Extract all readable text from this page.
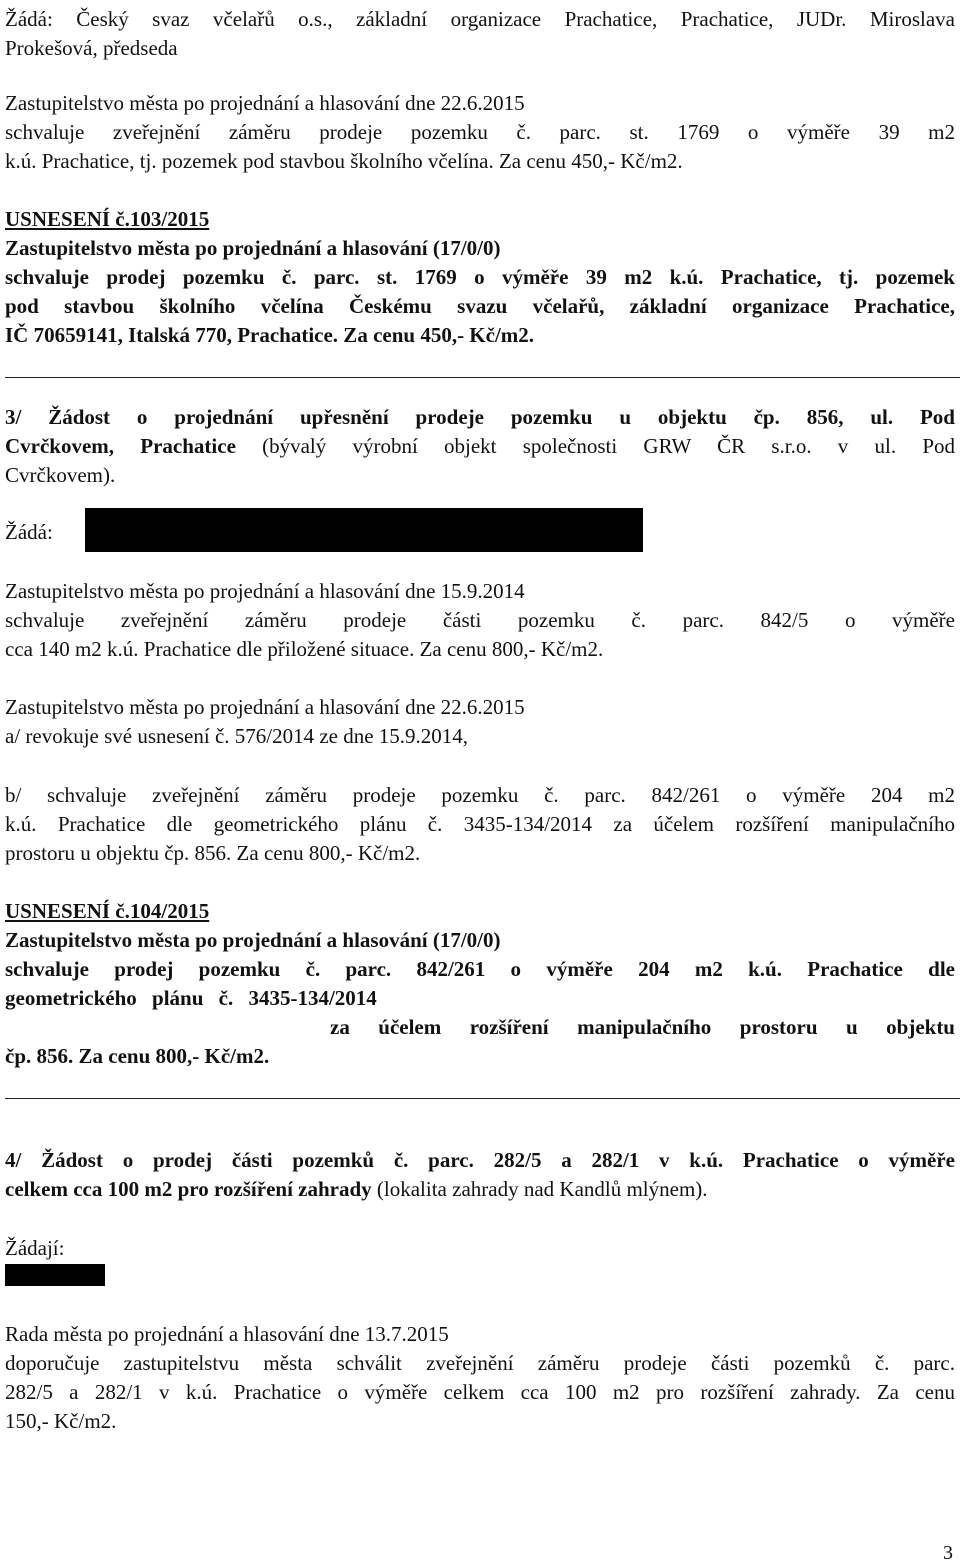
Žádá: Český svaz včelařů o.s., základní organizace Prachatice, Prachatice, JUDr. Miroslava
Prokešová, předseda
Zastupitelstvo města po projednání a hlasování dne 22.6.2015
schvaluje zveřejnění záměru prodeje pozemku č. parc. st. 1769 o výměře 39 m2
k.ú. Prachatice, tj. pozemek pod stavbou školního včelína. Za cenu 450,- Kč/m2.
USNESENÍ č.103/2015
Zastupitelstvo města po projednání a hlasování (17/0/0)
schvaluje prodej pozemku č. parc. st. 1769 o výměře 39 m2 k.ú. Prachatice, tj. pozemek
pod stavbou školního včelína Českému svazu včelařů, základní organizace Prachatice,
IČ 70659141, Italská 770, Prachatice. Za cenu 450,- Kč/m2.
3/ Žádost o projednání upřesnění prodeje pozemku u objektu čp. 856, ul. Pod
Cvrčkovem, Prachatice (bývalý výrobní objekt společnosti GRW ČR s.r.o. v ul. Pod
Cvrčkovem).
Žádá:
Zastupitelstvo města po projednání a hlasování dne 15.9.2014
schvaluje zveřejnění záměru prodeje části pozemku č. parc. 842/5 o výměře
cca 140 m2 k.ú. Prachatice dle přiložené situace. Za cenu 800,- Kč/m2.
Zastupitelstvo města po projednání a hlasování dne 22.6.2015
a/ revokuje své usnesení č. 576/2014 ze dne 15.9.2014,
b/ schvaluje zveřejnění záměru prodeje pozemku č. parc. 842/261 o výměře 204 m2
k.ú. Prachatice dle geometrického plánu č. 3435-134/2014 za účelem rozšíření manipulačního
prostoru u objektu čp. 856. Za cenu 800,- Kč/m2.
USNESENÍ č.104/2015
Zastupitelstvo města po projednání a hlasování (17/0/0)
schvaluje prodej pozemku č. parc. 842/261 o výměře 204 m2 k.ú. Prachatice dle
geometrického plánu č. 3435-134/2014
za účelem rozšíření manipulačního prostoru u objektu
čp. 856. Za cenu 800,- Kč/m2.
4/ Žádost o prodej části pozemků č. parc. 282/5 a 282/1 v k.ú. Prachatice o výměře
celkem cca 100 m2 pro rozšíření zahrady (lokalita zahrady nad Kandlů mlýnem).
Žádají:
Rada města po projednání a hlasování dne 13.7.2015
doporučuje zastupitelstvu města schválit zveřejnění záměru prodeje části pozemků č. parc.
282/5 a 282/1 v k.ú. Prachatice o výměře celkem cca 100 m2 pro rozšíření zahrady. Za cenu
150,- Kč/m2.
3
